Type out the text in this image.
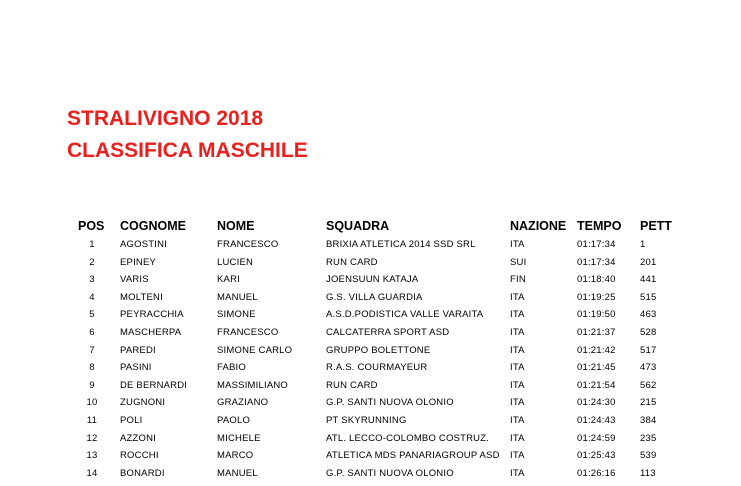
STRALIVIGNO 2018
CLASSIFICA MASCHILE
POS COGNOME NOME	SQUADRA	NAZIONE TEMPO PETT
1	AGOSTINI	FRANCESCO	BRIXIA ATLETICA 2014 SSD SRL	ITA	01:17:34	1
2	EPINEY	LUCIEN	RUN CARD	SUI	01:17:34	201
3	VARIS	KARI	JOENSUUN KATAJA	FIN	01:18:40	441
4	MOLTENI	MANUEL	G.S. VILLA GUARDIA	ITA	01:19:25	515
5	PEYRACCHIA	SIMONE	A.S.D.PODISTICA VALLE VARAITA	ITA	01:19:50	463
6	MASCHERPA	FRANCESCO	CALCATERRA SPORT ASD	ITA	01:21:37	528
7	PAREDI	SIMONE CARLO	GRUPPO BOLETTONE	ITA	01:21:42	517
8	PASINI	FABIO	R.A.S. COURMAYEUR	ITA	01:21:45	473
9	DE BERNARDI	MASSIMILIANO	RUN CARD	ITA	01:21:54	562
10	ZUGNONI	GRAZIANO	G.P. SANTI NUOVA OLONIO	ITA	01:24:30	215
11	POLI	PAOLO	PT SKYRUNNING	ITA	01:24:43	384
12	AZZONI	MICHELE	ATL. LECCO-COLOMBO COSTRUZ. ITA	01:24:59	235
13	ROCCHI	MARCO	ATLETICA MDS PANARIAGROUP ASD ITA	01:25:43	539
14	BONARDI	MANUEL	G.P. SANTI NUOVA OLONIO	ITA	01:26:16	113
